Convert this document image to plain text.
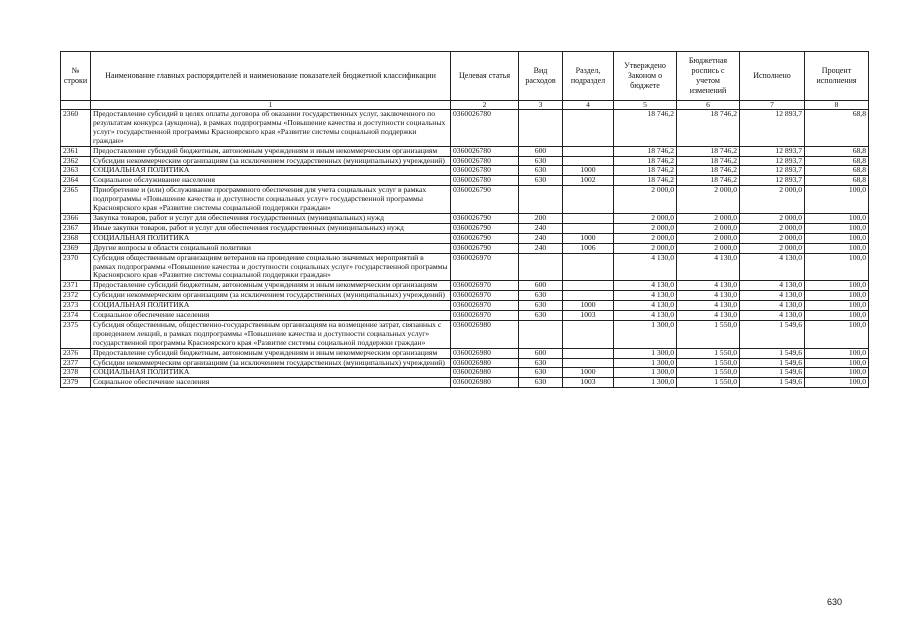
№ строки	Наименование главных распорядителей и наименование показателей бюджетной классификации	Целевая статья	Вид расходов	Раздел, подраздел	Утверждено Законом о бюджете	Бюджетная роспись с учетом изменений	Исполнено	Процент исполнения
	1	2	3	4	5	6	7	8
2360	Предоставление субсидий в целях оплаты договора об оказании государственных услуг, заключенного по результатам конкурса (аукциона), в рамках подпрограммы «Повышение качества и доступности социальных услуг» государственной программы Красноярского края «Развитие системы социальной поддержки граждан»	0360026780			18 746,2	18 746,2	12 893,7	68,8
2361	Предоставление субсидий бюджетным, автономным учреждениям и иным некоммерческим организациям	0360026780	600		18 746,2	18 746,2	12 893,7	68,8
2362	Субсидии некоммерческим организациям (за исключением государственных (муниципальных) учреждений)	0360026780	630		18 746,2	18 746,2	12 893,7	68,8
2363	СОЦИАЛЬНАЯ ПОЛИТИКА	0360026780	630	1000	18 746,2	18 746,2	12 893,7	68,8
2364	Социальное обслуживание населения	0360026780	630	1002	18 746,2	18 746,2	12 893,7	68,8
2365	Приобретение и (или) обслуживание программного обеспечения для учета социальных услуг в рамках подпрограммы «Повышение качества и доступности социальных услуг» государственной программы Красноярского края «Развитие системы социальной поддержки граждан»	0360026790			2 000,0	2 000,0	2 000,0	100,0
2366	Закупка товаров, работ и услуг для обеспечения государственных (муниципальных) нужд	0360026790	200		2 000,0	2 000,0	2 000,0	100,0
2367	Иные закупки товаров, работ и услуг для обеспечения государственных (муниципальных) нужд	0360026790	240		2 000,0	2 000,0	2 000,0	100,0
2368	СОЦИАЛЬНАЯ ПОЛИТИКА	0360026790	240	1000	2 000,0	2 000,0	2 000,0	100,0
2369	Другие вопросы в области социальной политики	0360026790	240	1006	2 000,0	2 000,0	2 000,0	100,0
2370	Субсидия общественным организациям ветеранов на проведение социально значимых мероприятий в рамках подпрограммы «Повышение качества и доступности социальных услуг» государственной программы Красноярского края «Развитие системы социальной поддержки граждан»	0360026970			4 130,0	4 130,0	4 130,0	100,0
2371	Предоставление субсидий бюджетным, автономным учреждениям и иным некоммерческим организациям	0360026970	600		4 130,0	4 130,0	4 130,0	100,0
2372	Субсидии некоммерческим организациям (за исключением государственных (муниципальных) учреждений)	0360026970	630		4 130,0	4 130,0	4 130,0	100,0
2373	СОЦИАЛЬНАЯ ПОЛИТИКА	0360026970	630	1000	4 130,0	4 130,0	4 130,0	100,0
2374	Социальное обеспечение населения	0360026970	630	1003	4 130,0	4 130,0	4 130,0	100,0
2375	Субсидия общественным, общественно-государственным организациям на возмещение затрат, связанных с проведением лекций, в рамках подпрограммы «Повышение качества и доступности социальных услуг» государственной программы Красноярского края «Развитие системы социальной поддержки граждан»	0360026980			1 300,0	1 550,0	1 549,6	100,0
2376	Предоставление субсидий бюджетным, автономным учреждениям и иным некоммерческим организациям	0360026980	600		1 300,0	1 550,0	1 549,6	100,0
2377	Субсидии некоммерческим организациям (за исключением государственных (муниципальных) учреждений)	0360026980	630		1 300,0	1 550,0	1 549,6	100,0
2378	СОЦИАЛЬНАЯ ПОЛИТИКА	0360026980	630	1000	1 300,0	1 550,0	1 549,6	100,0
2379	Социальное обеспечение населения	0360026980	630	1003	1 300,0	1 550,0	1 549,6	100,0
630
